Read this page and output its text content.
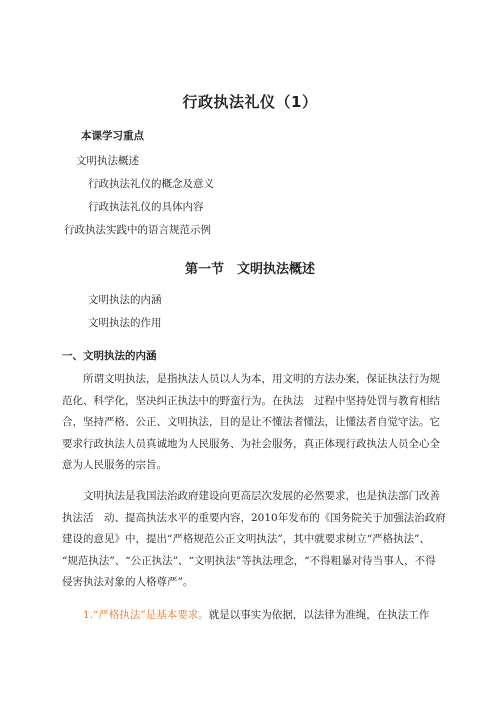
行政执法礼仪（1）
本课学习重点
文明执法概述
行政执法礼仪的概念及意义
行政执法礼仪的具体内容
行政执法实践中的语言规范示例
第一节　文明执法概述
文明执法的内涵
文明执法的作用
一、文明执法的内涵
所谓文明执法，是指执法人员以人为本，用文明的方法办案，保证执法行为规
范化、科学化，坚决纠正执法中的野蛮行为。在执法　过程中坚持处罚与教育相结
合，坚持严格、公正、文明执法，目的是让不懂法者懂法，让懂法者自觉守法。它
要求行政执法人员真诚地为人民服务、为社会服务，真正体现行政执法人员全心全
意为人民服务的宗旨。
文明执法是我国法治政府建设向更高层次发展的必然要求，也是执法部门改善
执法活　动、提高执法水平的重要内容，2010年发布的《国务院关于加强法治政府
建设的意见》中，提出“严格规范公正文明执法”，其中就要求树立“严格执法”、
“规范执法”、“公正执法”、“文明执法”等执法理念，“不得粗暴对待当事人，不得
侵害执法对象的人格尊严”。
1.“严格执法”是基本要求。就是以事实为依据，以法律为准绳，在执法工作
